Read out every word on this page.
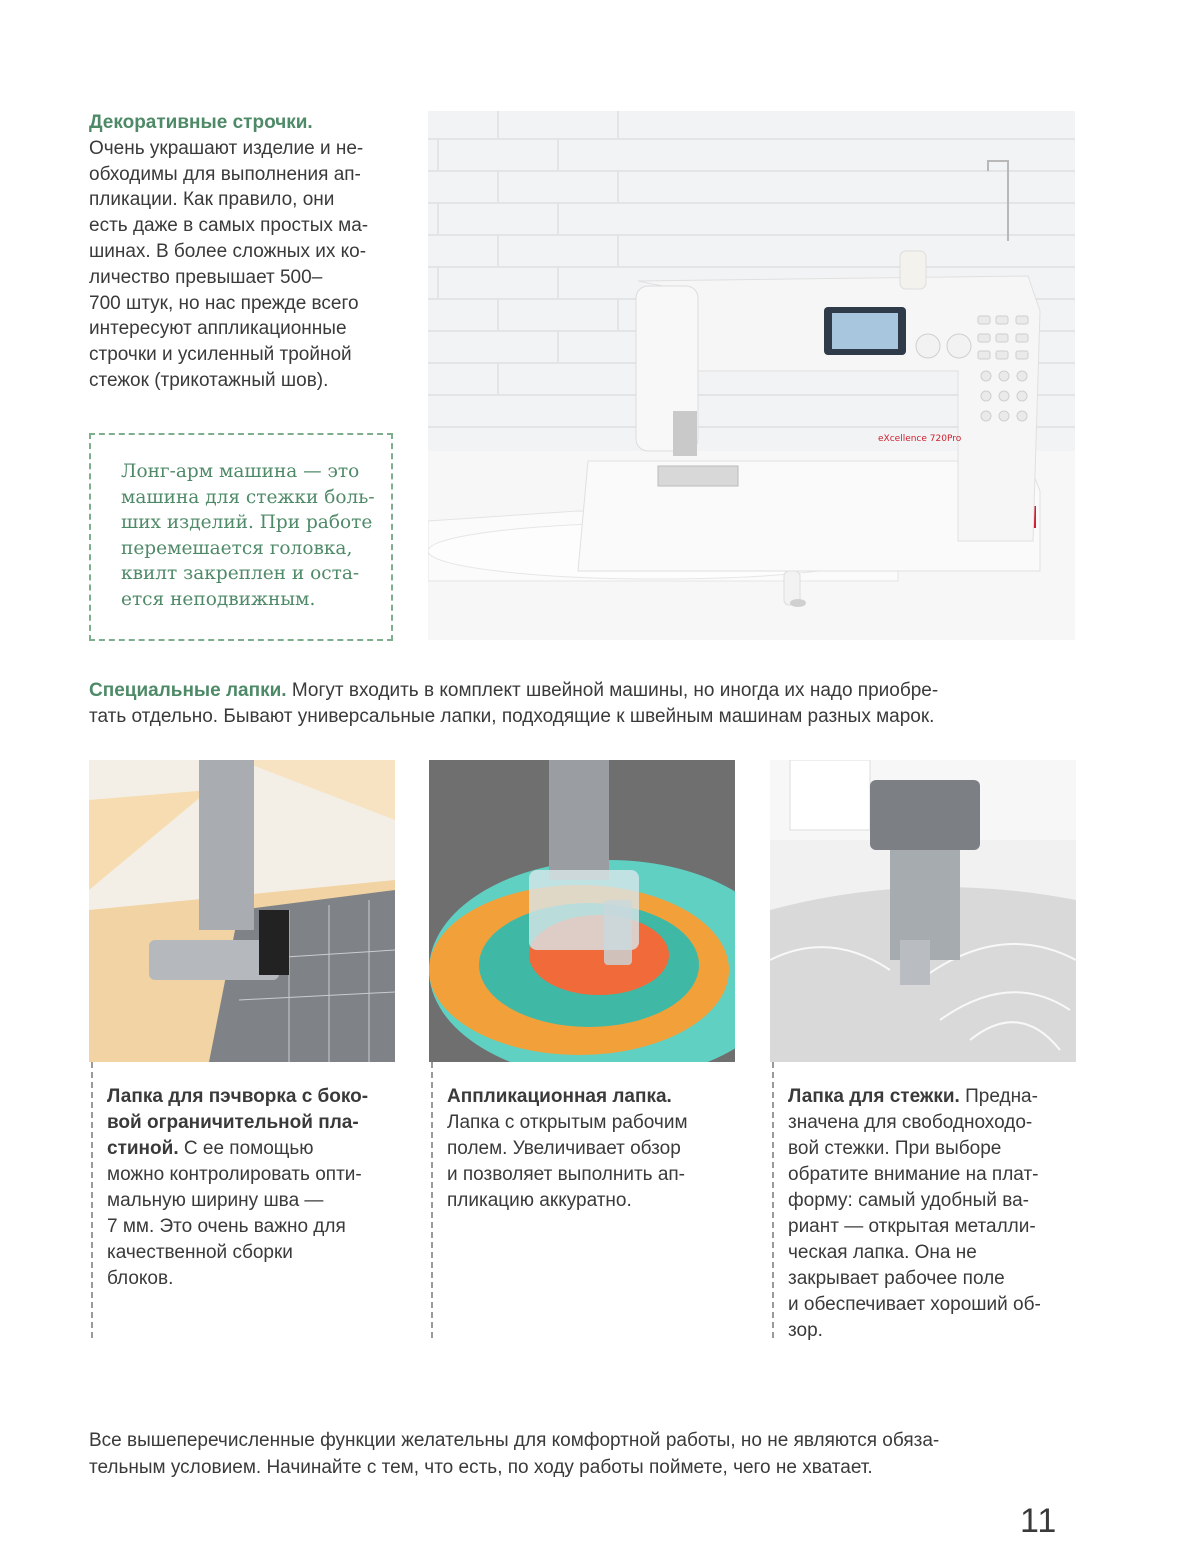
Декоративные строчки.
Очень украшают изделие и не-
обходимы для выполнения ап-
пликации. Как правило, они
есть даже в самых простых ма-
шинах. В более сложных их ко-
личество превышает 500–
700 штук, но нас прежде всего
интересуют аппликационные
строчки и усиленный тройной
стежок (трикотажный шов).
Лонг-арм машина — это
машина для стежки боль-
ших изделий. При работе
перемешается головка,
квилт закреплен и оста-
ется неподвижным.
eXcellence 720Pro
Специальные лапки. Могут входить в комплект швейной машины, но иногда их надо приобре-
тать отдельно. Бывают универсальные лапки, подходящие к швейным машинам разных марок.
Лапка для пэчворка с боко-
вой ограничительной пла-
стиной. С ее помощью
можно контролировать опти-
мальную ширину шва —
7 мм. Это очень важно для
качественной сборки
блоков.
Аппликационная лапка.
Лапка с открытым рабочим
полем. Увеличивает обзор
и позволяет выполнить ап-
пликацию аккуратно.
Лапка для стежки. Предна-
значена для свободноходо-
вой стежки. При выборе
обратите внимание на плат-
форму: самый удобный ва-
риант — открытая металли-
ческая лапка. Она не
закрывает рабочее поле
и обеспечивает хороший об-
зор.
Все вышеперечисленные функции желательны для комфортной работы, но не являются обяза-
тельным условием. Начинайте с тем, что есть, по ходу работы поймете, чего не хватает.
11
